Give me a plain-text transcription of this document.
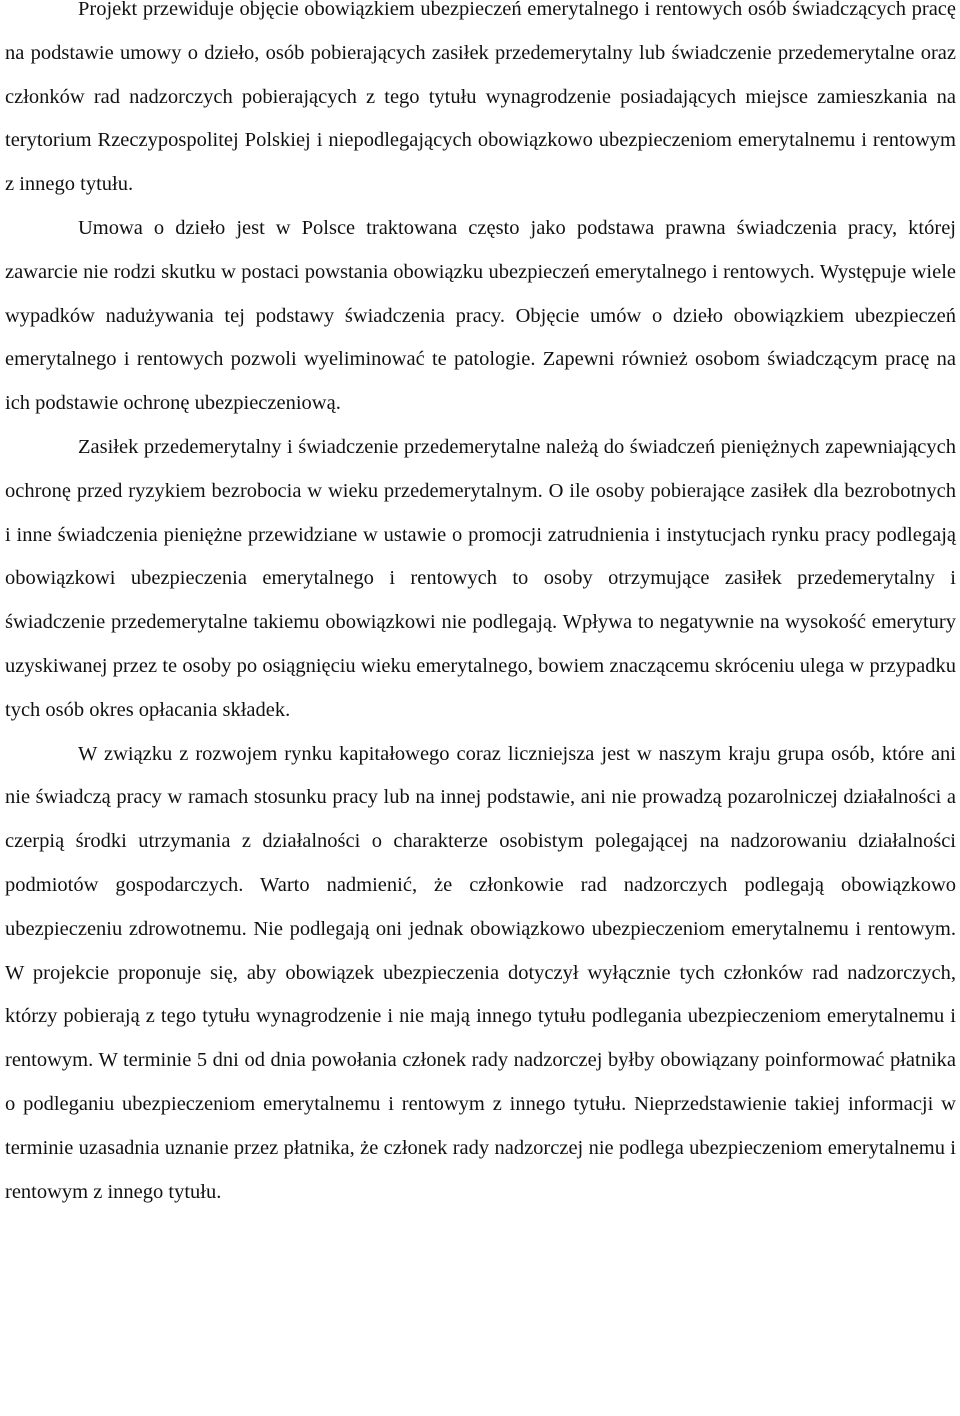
Projekt przewiduje objęcie obowiązkiem ubezpieczeń emerytalnego i rentowych osób świadczących pracę na podstawie umowy o dzieło, osób pobierających zasiłek przedemerytalny lub świadczenie przedemerytalne oraz członków rad nadzorczych pobierających z tego tytułu wynagrodzenie posiadających miejsce zamieszkania na terytorium Rzeczypospolitej Polskiej i niepodlegających obowiązkowo ubezpieczeniom emerytalnemu i rentowym z innego tytułu.

Umowa o dzieło jest w Polsce traktowana często jako podstawa prawna świadczenia pracy, której zawarcie nie rodzi skutku w postaci powstania obowiązku ubezpieczeń emerytalnego i rentowych. Występuje wiele wypadków nadużywania tej podstawy świadczenia pracy. Objęcie umów o dzieło obowiązkiem ubezpieczeń emerytalnego i rentowych pozwoli wyeliminować te patologie. Zapewni również osobom świadczącym pracę na ich podstawie ochronę ubezpieczeniową.

Zasiłek przedemerytalny i świadczenie przedemerytalne należą do świadczeń pieniężnych zapewniających ochronę przed ryzykiem bezrobocia w wieku przedemerytalnym. O ile osoby pobierające zasiłek dla bezrobotnych i inne świadczenia pieniężne przewidziane w ustawie o promocji zatrudnienia i instytucjach rynku pracy podlegają obowiązkowi ubezpieczenia emerytalnego i rentowych to osoby otrzymujące zasiłek przedemerytalny i świadczenie przedemerytalne takiemu obowiązkowi nie podlegają. Wpływa to negatywnie na wysokość emerytury uzyskiwanej przez te osoby po osiągnięciu wieku emerytalnego, bowiem znaczącemu skróceniu ulega w przypadku tych osób okres opłacania składek.

W związku z rozwojem rynku kapitałowego coraz liczniejsza jest w naszym kraju grupa osób, które ani nie świadczą pracy w ramach stosunku pracy lub na innej podstawie, ani nie prowadzą pozarolniczej działalności a czerpią środki utrzymania z działalności o charakterze osobistym polegającej na nadzorowaniu działalności podmiotów gospodarczych. Warto nadmienić, że członkowie rad nadzorczych podlegają obowiązkowo ubezpieczeniu zdrowotnemu. Nie podlegają oni jednak obowiązkowo ubezpieczeniom emerytalnemu i rentowym. W projekcie proponuje się, aby obowiązek ubezpieczenia dotyczył wyłącznie tych członków rad nadzorczych, którzy pobierają z tego tytułu wynagrodzenie i nie mają innego tytułu podlegania ubezpieczeniom emerytalnemu i rentowym. W terminie 5 dni od dnia powołania członek rady nadzorczej byłby obowiązany poinformować płatnika o podleganiu ubezpieczeniom emerytalnemu i rentowym z innego tytułu. Nieprzedstawienie takiej informacji w terminie uzasadnia uznanie przez płatnika, że członek rady nadzorczej nie podlega ubezpieczeniom emerytalnemu i rentowym z innego tytułu.
